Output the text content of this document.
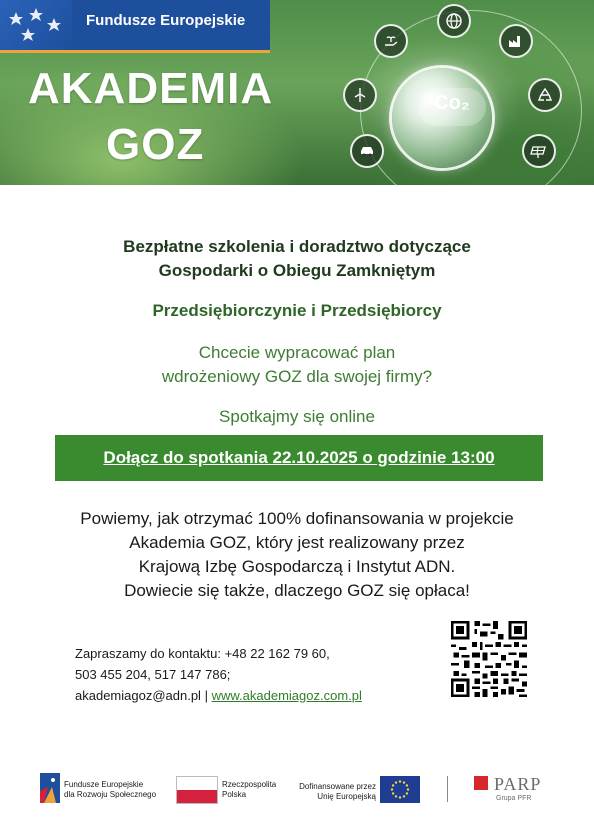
Fundusze Europejskie
AKADEMIA
GOZ
Co₂
Bezpłatne szkolenia i doradztwo dotyczące
Gospodarki o Obiegu Zamkniętym
Przedsiębiorczynie i Przedsiębiorcy
Chcecie wypracować plan
wdrożeniowy GOZ dla swojej firmy?
Spotkajmy się online
Dołącz do spotkania 22.10.2025 o godzinie 13:00
Powiemy, jak otrzymać 100% dofinansowania w projekcie
Akademia GOZ, który jest realizowany przez
Krajową Izbę Gospodarczą i Instytut ADN.
Dowiecie się także, dlaczego GOZ się opłaca!
Zapraszamy do kontaktu: +48 22 162 79 60,
503 455 204, 517 147 786;
akademiagoz@adn.pl | www.akademiagoz.com.pl
Fundusze Europejskie
dla Rozwoju Społecznego
Rzeczpospolita
Polska
Dofinansowane przez
Unię Europejską
PARP
Grupa PFR
